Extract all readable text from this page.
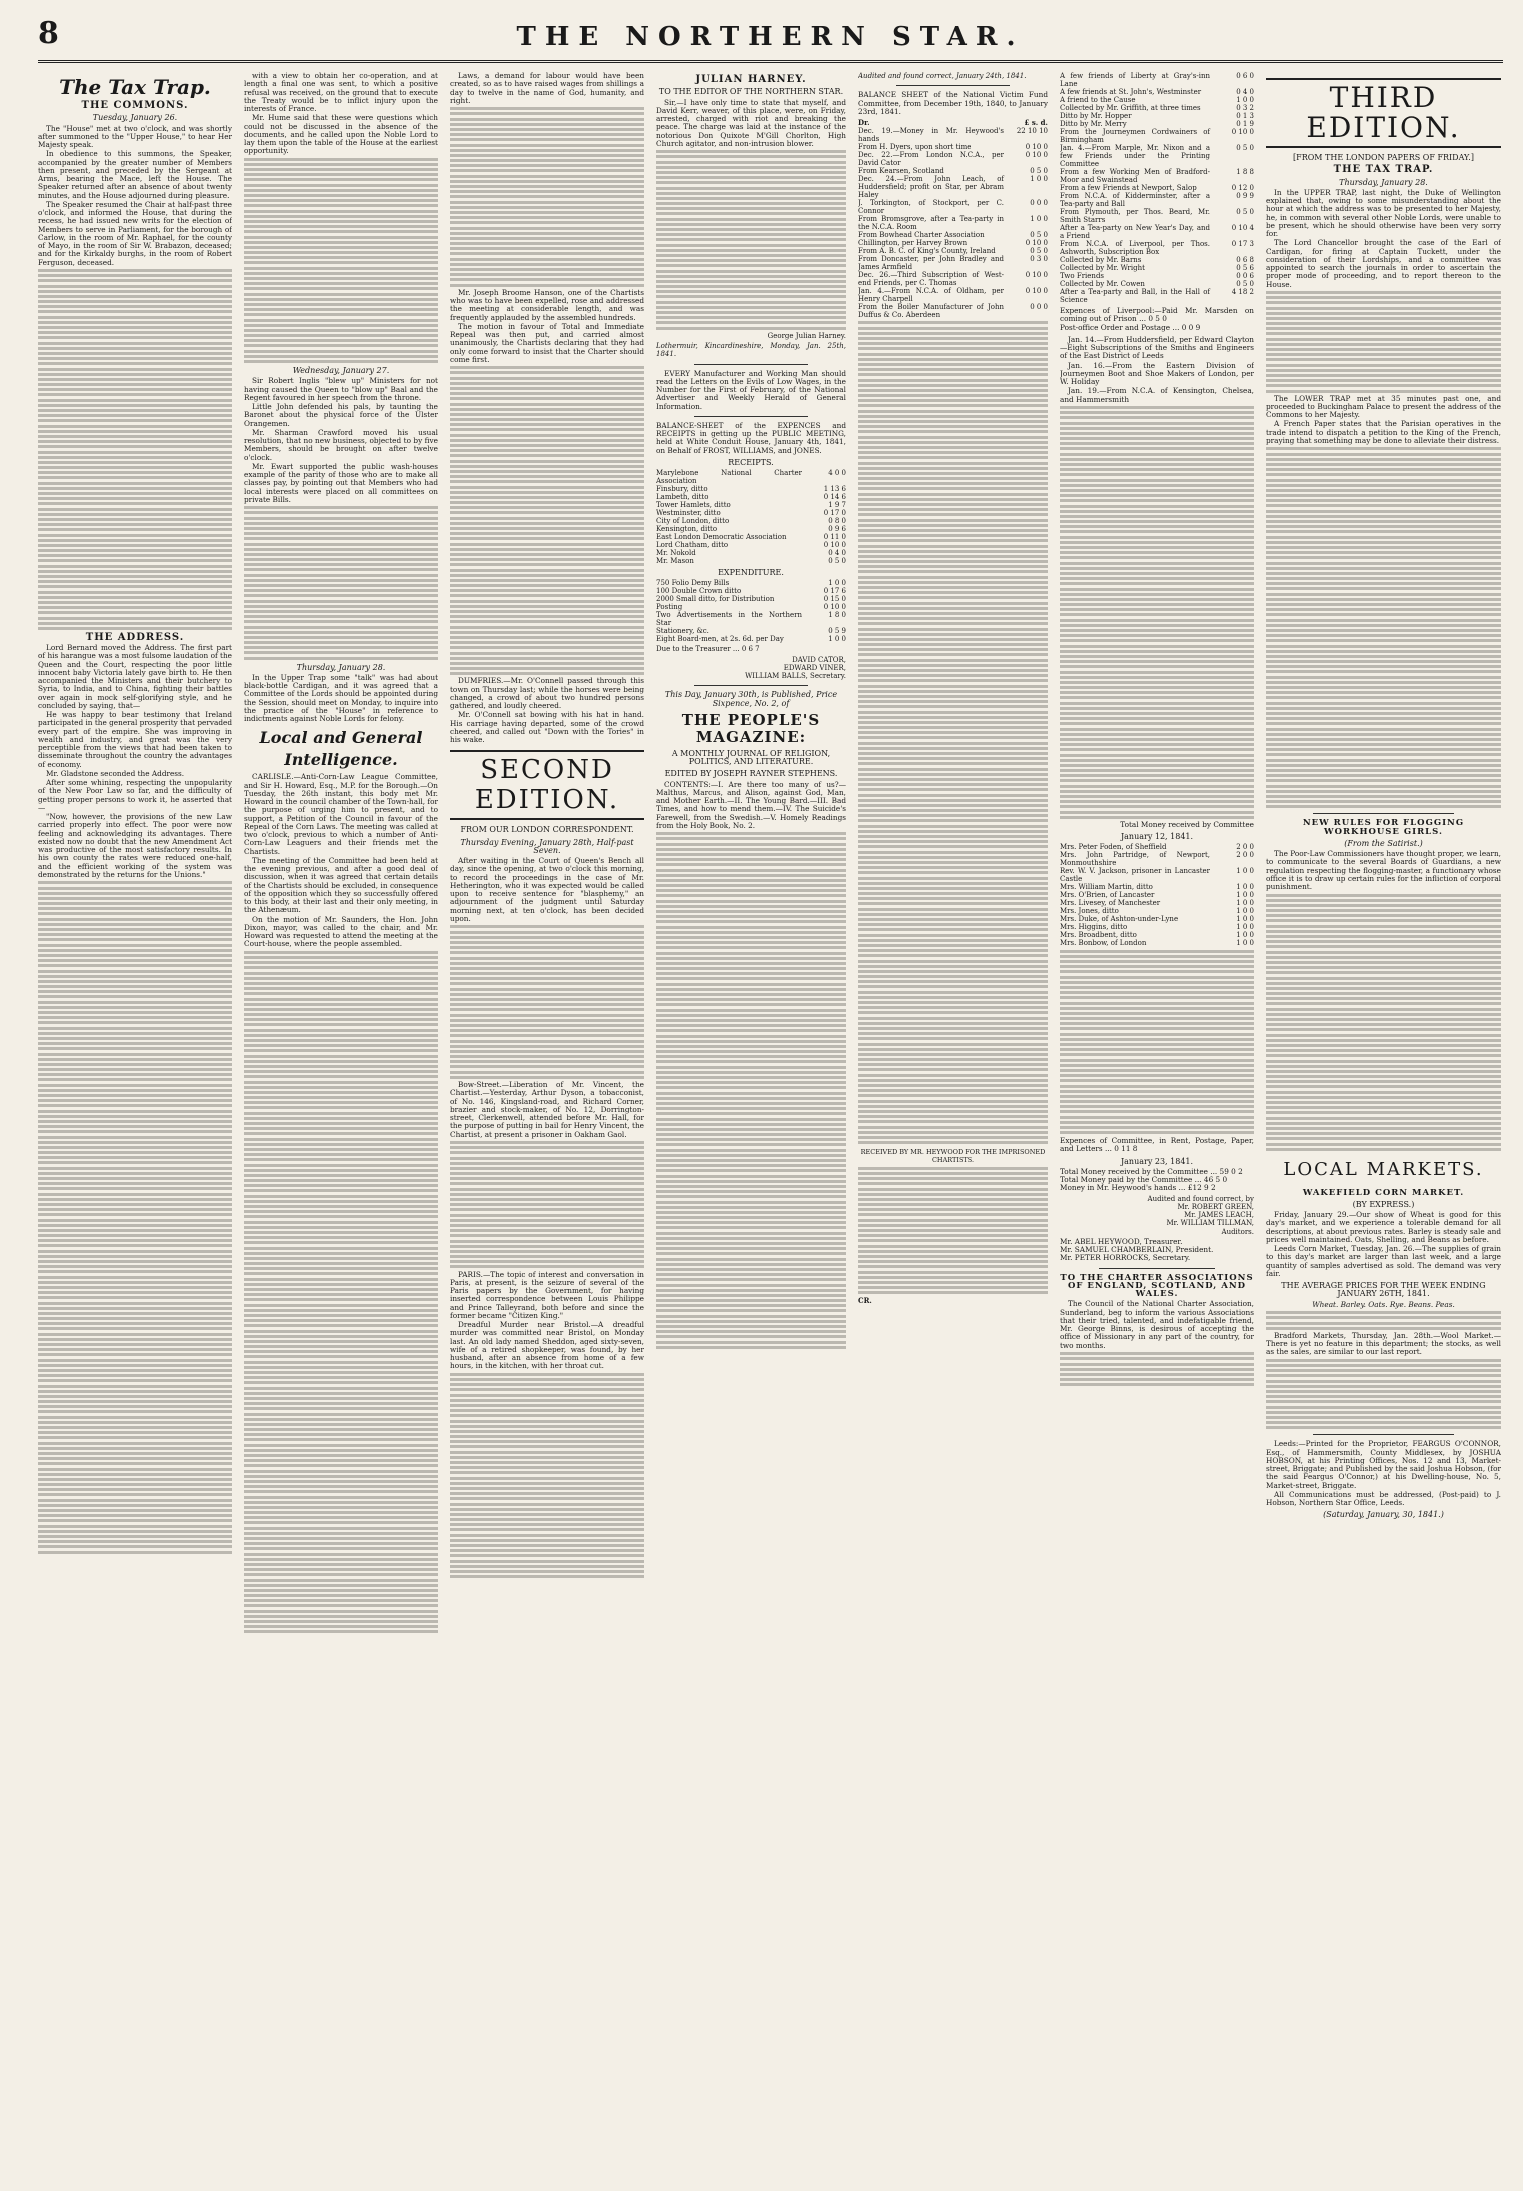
8	THE NORTHERN STAR.
The Tax Trap.
THE COMMONS.
Tuesday, January 26.

The "House" met at two o'clock, and was shortly after summoned to the "Upper House," to hear Her Majesty speak.

In obedience to this summons, the Speaker, accompanied by the greater number of Members then present, and preceded by the Sergeant at Arms, bearing the Mace, left the House. The Speaker returned after an absence of about twenty minutes, and the House adjourned during pleasure.

The Speaker resumed the Chair at half-past three o'clock, and informed the House, that during the recess, he had issued new writs for the election of Members to serve in Parliament, for the borough of Carlow, in the room of Mr. Raphael, for the county of Mayo, in the room of Sir W. Brabazon, deceased; and for the Kirkaldy burghs, in the room of Robert Ferguson, deceased.

THE ADDRESS.

Lord Bernard moved the Address. The first part of his harangue was a most fulsome laudation of the Queen and the Court, respecting the poor little innocent baby Victoria lately gave birth to. He then accompanied the Ministers and their butchery to Syria, to India, and to China, fighting their battles over again in mock self-glorifying style, and he concluded by saying, that—

He was happy to bear testimony that Ireland participated in the general prosperity that pervaded every part of the empire. She was improving in wealth and industry, and great was the very perceptible from the views that had been taken to disseminate throughout the country the advantages of economy.

Mr. Gladstone seconded the Address.

After some whining, respecting the unpopularity of the New Poor Law so far, and the difficulty of getting proper persons to work it, he asserted that—

"Now, however, the provisions of the new Law carried properly into effect. The poor were now feeling and acknowledging its advantages. There existed now no doubt that the new Amendment Act was productive of the most satisfactory results. In his own county the rates were reduced one-half, and the efficient working of the system was demonstrated by the returns for the Unions."

with a view to obtain her co-operation, and at length a final one was sent, to which a positive refusal was received, on the ground that to execute the Treaty would be to inflict injury upon the interests of France.

Mr. Hume said that these were questions which could not be discussed in the absence of the documents, and he called upon the Noble Lord to lay them upon the table of the House at the earliest opportunity.

Wednesday, January 27.

Sir Robert Inglis "blew up" Ministers for not having caused the Queen to "blow up" Baal and the Regent favoured in her speech from the throne.

Little John defended his pals, by taunting the Baronet about the physical force of the Ulster Orangemen.

Mr. Sharman Crawford moved his usual resolution, that no new business, objected to by five Members, should be brought on after twelve o'clock.

Mr. Ewart supported the public wash-houses example of the parity of those who are to make all classes pay, by pointing out that Members who had local interests were placed on all committees on private Bills.

Thursday, January 28.

In the Upper Trap some "talk" was had about black-bottle Cardigan, and it was agreed that a Committee of the Lords should be appointed during the Session, should meet on Monday, to inquire into the practice of the "House" in reference to indictments against Noble Lords for felony.

Local and General Intelligence.

CARLISLE.—Anti-Corn-Law League Committee, and Sir H. Howard, Esq., M.P. for the Borough.—On Tuesday, the 26th instant, this body met Mr. Howard in the council chamber of the Town-hall, for the purpose of urging him to present, and to support, a Petition of the Council in favour of the Repeal of the Corn Laws. The meeting was called at two o'clock, previous to which a number of Anti-Corn-Law Leaguers and their friends met the Chartists.

The meeting of the Committee had been held at the evening previous, and after a good deal of discussion, when it was agreed that certain details of the Chartists should be excluded, in consequence of the opposition which they so successfully offered to this body, at their last and their only meeting, in the Athenæum.

On the motion of Mr. Saunders, the Hon. John Dixon, mayor, was called to the chair, and Mr. Howard was requested to attend the meeting at the Court-house, where the people assembled.

Laws, a demand for labour would have been created, so as to have raised wages from shillings a day to twelve in the name of God, humanity, and right.

Mr. Joseph Broome Hanson, one of the Chartists who was to have been expelled, rose and addressed the meeting at considerable length, and was frequently applauded by the assembled hundreds.

The motion in favour of Total and Immediate Repeal was then put, and carried almost unanimously, the Chartists declaring that they had only come forward to insist that the Charter should come first.

DUMFRIES.—Mr. O'Connell passed through this town on Thursday last; while the horses were being changed, a crowd of about two hundred persons gathered, and loudly cheered.

Mr. O'Connell sat bowing with his hat in hand. His carriage having departed, some of the crowd cheered, and called out "Down with the Tories" in his wake.

SECOND EDITION.
FROM OUR LONDON CORRESPONDENT.
Thursday Evening, January 28th, Half-past Seven.

After waiting in the Court of Queen's Bench all day, since the opening, at two o'clock this morning, to record the proceedings in the case of Mr. Hetherington, who it was expected would be called upon to receive sentence for "blasphemy," an adjournment of the judgment until Saturday morning next, at ten o'clock, has been decided upon.

Bow-Street.—Liberation of Mr. Vincent, the Chartist.—Yesterday, Arthur Dyson, a tobacconist, of No. 146, Kingsland-road, and Richard Corner, brazier and stock-maker, of No. 12, Dorrington-street, Clerkenwell, attended before Mr. Hall, for the purpose of putting in bail for Henry Vincent, the Chartist, at present a prisoner in Oakham Gaol.

PARIS.—The topic of interest and conversation in Paris, at present, is the seizure of several of the Paris papers by the Government, for having inserted correspondence between Louis Philippe and Prince Talleyrand, both before and since the former became "Citizen King."

Dreadful Murder near Bristol.—A dreadful murder was committed near Bristol, on Monday last. An old lady named Sheddon, aged sixty-seven, wife of a retired shopkeeper, was found, by her husband, after an absence from home of a few hours, in the kitchen, with her throat cut.

JULIAN HARNEY.
TO THE EDITOR OF THE NORTHERN STAR.

Sir,—I have only time to state that myself, and David Kerr, weaver, of this place, were, on Friday, arrested, charged with riot and breaking the peace. The charge was laid at the instance of the notorious Don Quixote M'Gill Chorlton, High Church agitator, and non-intrusion blower.

George Julian Harney.
Lothermuir, Kincardineshire, Monday, Jan. 25th, 1841.

EVERY Manufacturer and Working Man should read the Letters on the Evils of Low Wages, in the Number for the First of February, of the National Advertiser and Weekly Herald of General Information.

BALANCE-SHEET of the EXPENCES and RECEIPTS in getting up the PUBLIC MEETING, held at White Conduit House, January 4th, 1841, on Behalf of FROST, WILLIAMS, and JONES.

RECEIPTS.
Marylebone National Charter Association	4 0 0
Finsbury, ditto	1 13 6
Lambeth, ditto	0 14 6
Tower Hamlets, ditto	1 9 7
Westminster, ditto	0 17 0
City of London, ditto	0 8 0
Kensington, ditto	0 9 6
East London Democratic Association	0 11 0
Lord Chatham, ditto	0 10 0
Mr. Nokold	0 4 0
Mr. Mason	0 5 0
EXPENDITURE.
750 Folio Demy Bills	1 0 0
100 Double Crown ditto	0 17 6
2000 Small ditto, for Distribution	0 15 0
Posting	0 10 0
Two Advertisements in the Northern Star	1 8 0
Stationery, &c.	0 5 9
Eight Board-men, at 2s. 6d. per Day	1 0 0
Due to the Treasurer ... 0 6 7
DAVID CATOR,
EDWARD VINER,
WILLIAM BALLS, Secretary.
This Day, January 30th, is Published, Price Sixpence, No. 2, of
THE PEOPLE'S MAGAZINE:
A MONTHLY JOURNAL OF RELIGION, POLITICS, AND LITERATURE.
EDITED BY JOSEPH RAYNER STEPHENS.

CONTENTS:—I. Are there too many of us?—Malthus, Marcus, and Alison, against God, Man, and Mother Earth.—II. The Young Bard.—III. Bad Times, and how to mend them.—IV. The Suicide's Farewell, from the Swedish.—V. Homely Readings from the Holy Book, No. 2.

Audited and found correct, January 24th, 1841.

BALANCE SHEET of the National Victim Fund Committee, from December 19th, 1840, to January 23rd, 1841.

Dr.	£ s. d.
Dec. 19.—Money in Mr. Heywood's hands	22 10 10
From H. Dyers, upon short time	0 10 0
Dec. 22.—From London N.C.A., per David Cator	0 10 0
From Kearsen, Scotland	0 5 0
Dec. 24.—From John Leach, of Huddersfield; profit on Star, per Abram Haley	1 0 0
J. Torkington, of Stockport, per C. Connor	0 0 0
From Bromsgrove, after a Tea-party in the N.C.A. Room	1 0 0
From Bowhead Charter Association	0 5 0
Chillington, per Harvey Brown	0 10 0
From A. B. C. of King's County, Ireland	0 5 0
From Doncaster, per John Bradley and James Armfield	0 3 0
Dec. 26.—Third Subscription of West-end Friends, per C. Thomas	0 10 0
Jan. 4.—From N.C.A. of Oldham, per Henry Charpell	0 10 0
From the Boiler Manufacturer of John Duffus & Co. Aberdeen	0 0 0
RECEIVED BY MR. HEYWOOD FOR THE IMPRISONED CHARTISTS.
CR.
A few friends of Liberty at Gray's-inn Lane	0 6 0
A few friends at St. John's, Westminster	0 4 0
A friend to the Cause	1 0 0
Collected by Mr. Griffith, at three times	0 3 2
Ditto by Mr. Hopper	0 1 3
Ditto by Mr. Merry	0 1 9
From the Journeymen Cordwainers of Birmingham	0 10 0
Jan. 4.—From Marple, Mr. Nixon and a few Friends under the Printing Committee	0 5 0
From a few Working Men of Bradford-Moor and Swainstead	1 8 8
From a few Friends at Newport, Salop	0 12 0
From N.C.A. of Kidderminster, after a Tea-party and Ball	0 9 9
From Plymouth, per Thos. Beard, Mr. Smith Starrs	0 5 0
After a Tea-party on New Year's Day, and a Friend	0 10 4
From N.C.A. of Liverpool, per Thos. Ashworth, Subscription Box	0 17 3
Collected by Mr. Barns	0 6 8
Collected by Mr. Wright	0 5 6
Two Friends	0 0 6
Collected by Mr. Cowen	0 5 0
After a Tea-party and Ball, in the Hall of Science	4 18 2
Expences of Liverpool:—Paid Mr. Marsden on coming out of Prison ... 0 5 0
Post-office Order and Postage ... 0 0 9

Jan. 14.—From Huddersfield, per Edward Clayton—Eight Subscriptions of the Smiths and Engineers of the East District of Leeds

Jan. 16.—From the Eastern Division of Journeymen Boot and Shoe Makers of London, per W. Holiday

Jan. 19.—From N.C.A. of Kensington, Chelsea, and Hammersmith

Total Money received by Committee
January 12, 1841.
Mrs. Peter Foden, of Sheffield	2 0 0
Mrs. John Partridge, of Newport, Monmouthshire	2 0 0
Rev. W. V. Jackson, prisoner in Lancaster Castle	1 0 0
Mrs. William Martin, ditto	1 0 0
Mrs. O'Brien, of Lancaster	1 0 0
Mrs. Livesey, of Manchester	1 0 0
Mrs. Jones, ditto	1 0 0
Mrs. Duke, of Ashton-under-Lyne	1 0 0
Mrs. Higgins, ditto	1 0 0
Mrs. Broadbent, ditto	1 0 0
Mrs. Bonbow, of London	1 0 0
Expences of Committee, in Rent, Postage, Paper, and Letters ... 0 11 8
January 23, 1841.
Total Money received by the Committee ... 59 0 2
Total Money paid by the Committee ... 46 5 0
Money in Mr. Heywood's hands ... £12 9 2
Audited and found correct, by
Mr. ROBERT GREEN,
Mr. JAMES LEACH,
Mr. WILLIAM TILLMAN,
Auditors.
Mr. ABEL HEYWOOD, Treasurer.
Mr. SAMUEL CHAMBERLAIN, President.
Mr. PETER HORROCKS, Secretary.
TO THE CHARTER ASSOCIATIONS OF ENGLAND, SCOTLAND, AND WALES.

The Council of the National Charter Association, Sunderland, beg to inform the various Associations that their tried, talented, and indefatigable friend, Mr. George Binns, is desirous of accepting the office of Missionary in any part of the country, for two months.

THIRD EDITION.
[FROM THE LONDON PAPERS OF FRIDAY.]
THE TAX TRAP.
Thursday, January 28.

In the UPPER TRAP, last night, the Duke of Wellington explained that, owing to some misunderstanding about the hour at which the address was to be presented to her Majesty, he, in common with several other Noble Lords, were unable to be present, which he should otherwise have been very sorry for.

The Lord Chancellor brought the case of the Earl of Cardigan, for firing at Captain Tuckett, under the consideration of their Lordships, and a committee was appointed to search the journals in order to ascertain the proper mode of proceeding, and to report thereon to the House.

The LOWER TRAP met at 35 minutes past one, and proceeded to Buckingham Palace to present the address of the Commons to her Majesty.

A French Paper states that the Parisian operatives in the trade intend to dispatch a petition to the King of the French, praying that something may be done to alleviate their distress.

NEW RULES FOR FLOGGING WORKHOUSE GIRLS.
(From the Satirist.)

The Poor-Law Commissioners have thought proper, we learn, to communicate to the several Boards of Guardians, a new regulation respecting the flogging-master, a functionary whose office it is to draw up certain rules for the infliction of corporal punishment.

LOCAL MARKETS.
WAKEFIELD CORN MARKET.
(BY EXPRESS.)

Friday, January 29.—Our show of Wheat is good for this day's market, and we experience a tolerable demand for all descriptions, at about previous rates. Barley is steady sale and prices well maintained. Oats, Shelling, and Beans as before.

Leeds Corn Market, Tuesday, Jan. 26.—The supplies of grain to this day's market are larger than last week, and a large quantity of samples advertised as sold. The demand was very fair.

THE AVERAGE PRICES FOR THE WEEK ENDING JANUARY 26TH, 1841.
Wheat. Barley. Oats. Rye. Beans. Peas.

Bradford Markets, Thursday, Jan. 28th.—Wool Market.—There is yet no feature in this department; the stocks, as well as the sales, are similar to our last report.

Leeds:—Printed for the Proprietor, FEARGUS O'CONNOR, Esq., of Hammersmith, County Middlesex, by JOSHUA HOBSON, at his Printing Offices, Nos. 12 and 13, Market-street, Briggate; and Published by the said Joshua Hobson, (for the said Feargus O'Connor,) at his Dwelling-house, No. 5, Market-street, Briggate.

All Communications must be addressed, (Post-paid) to J. Hobson, Northern Star Office, Leeds.

(Saturday, January, 30, 1841.)
